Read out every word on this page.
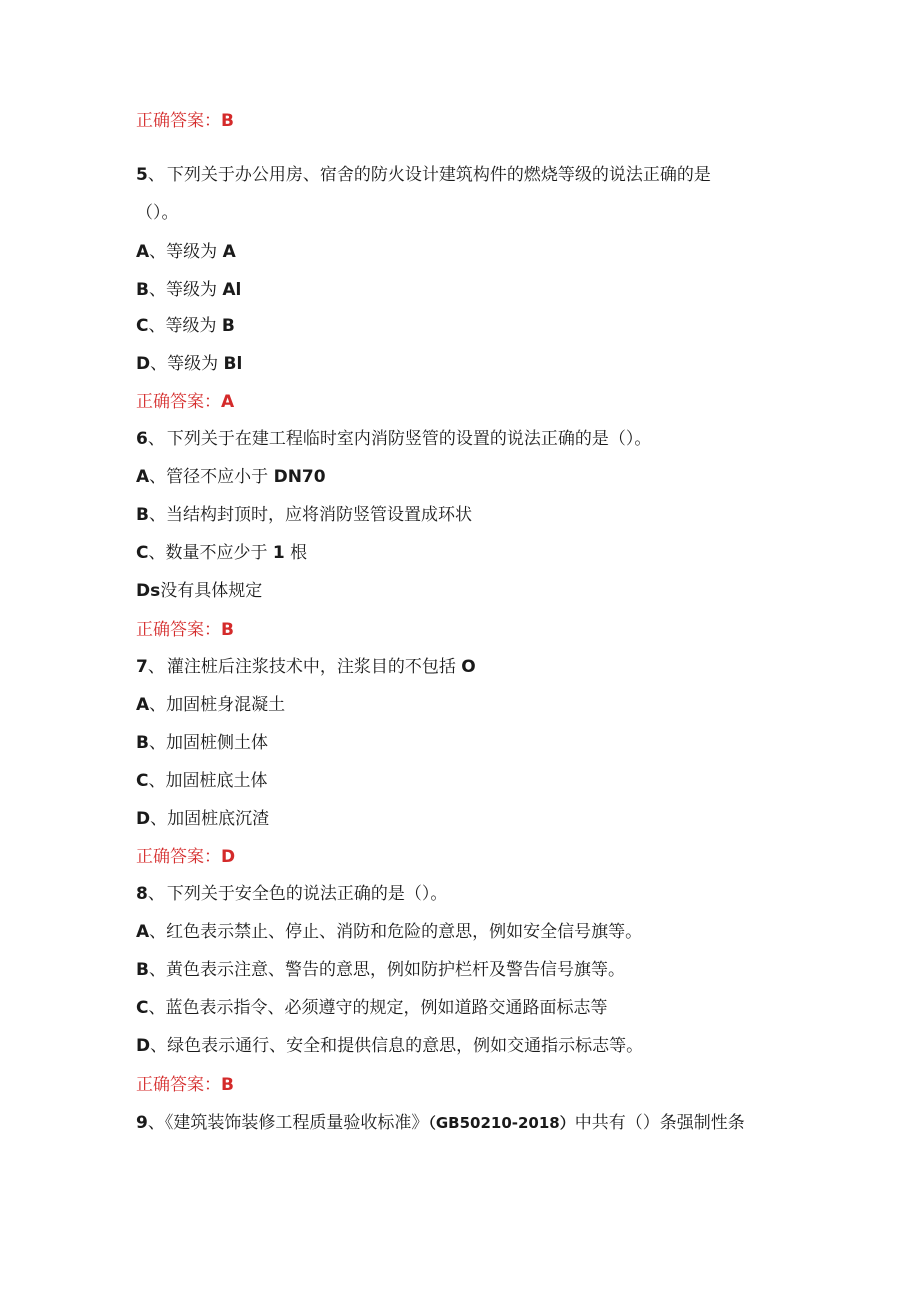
正确答案：B
5、 下列关于办公用房、宿舍的防火设计建筑构件的燃烧等级的说法正确的是
（）。
A、等级为 A
B、等级为 Al
C、等级为 B
D、等级为 Bl
正确答案：A
6、 下列关于在建工程临时室内消防竖管的设置的说法正确的是（）。
A、管径不应小于 DN70
B、当结构封顶时，应将消防竖管设置成环状
C、数量不应少于 1 根
Ds没有具体规定
正确答案：B
7、 灌注桩后注浆技术中，注浆目的不包括 O
A、加固桩身混凝土
B、加固桩侧土体
C、加固桩底土体
D、加固桩底沉渣
正确答案：D
8、 下列关于安全色的说法正确的是（）。
A、红色表示禁止、停止、消防和危险的意思，例如安全信号旗等。
B、黄色表示注意、警告的意思，例如防护栏杆及警告信号旗等。
C、蓝色表示指令、必须遵守的规定，例如道路交通路面标志等
D、绿色表示通行、安全和提供信息的意思，例如交通指示标志等。
正确答案：B
9、《建筑装饰装修工程质量验收标准》（GB50210-2018）中共有（）条强制性条
